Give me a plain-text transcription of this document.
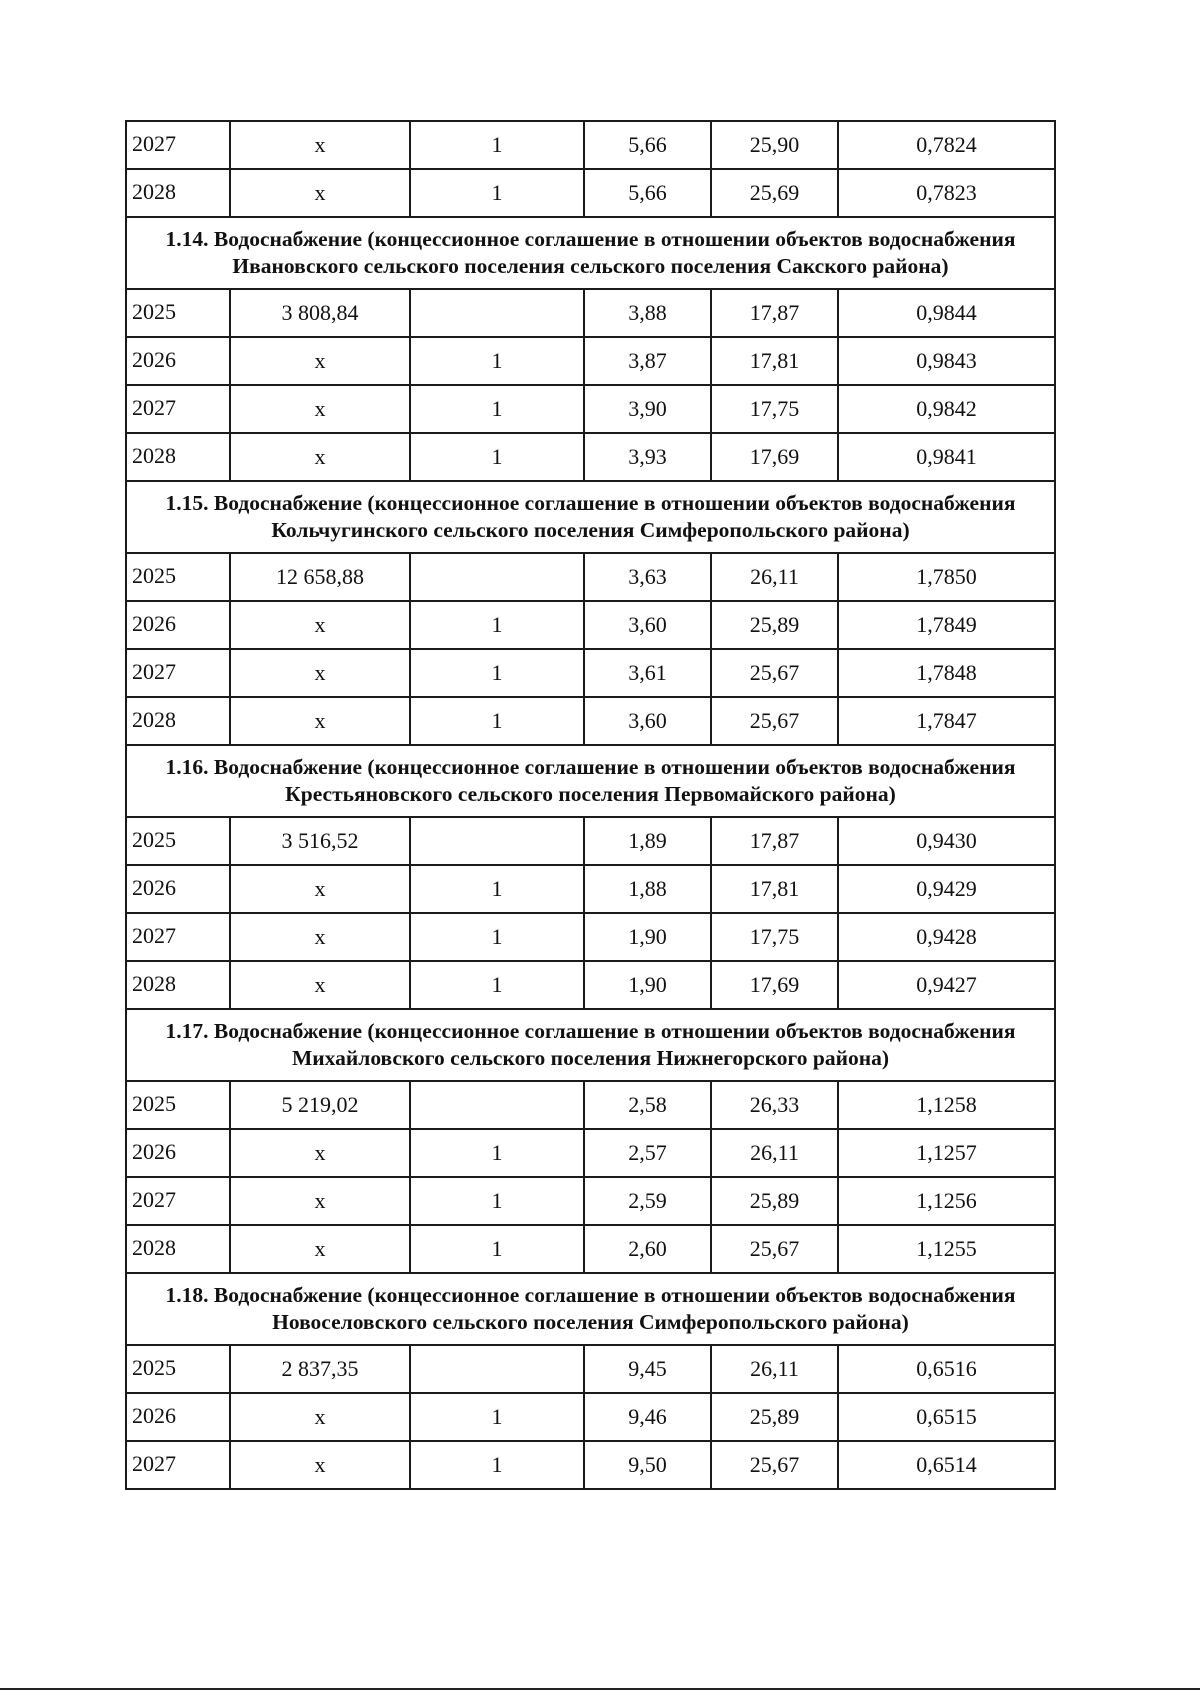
2027	х	1	5,66	25,90	0,7824
2028	х	1	5,66	25,69	0,7823
1.14. Водоснабжение (концессионное соглашение в отношении объектов водоснабжения Ивановского сельского поселения сельского поселения Сакского района)					
2025	3 808,84		3,88	17,87	0,9844
2026	х	1	3,87	17,81	0,9843
2027	х	1	3,90	17,75	0,9842
2028	х	1	3,93	17,69	0,9841
1.15. Водоснабжение (концессионное соглашение в отношении объектов водоснабжения Кольчугинского сельского поселения Симферопольского района)					
2025	12 658,88		3,63	26,11	1,7850
2026	х	1	3,60	25,89	1,7849
2027	х	1	3,61	25,67	1,7848
2028	х	1	3,60	25,67	1,7847
1.16. Водоснабжение (концессионное соглашение в отношении объектов водоснабжения Крестьяновского сельского поселения Первомайского района)					
2025	3 516,52		1,89	17,87	0,9430
2026	х	1	1,88	17,81	0,9429
2027	х	1	1,90	17,75	0,9428
2028	х	1	1,90	17,69	0,9427
1.17. Водоснабжение (концессионное соглашение в отношении объектов водоснабжения Михайловского сельского поселения Нижнегорского района)					
2025	5 219,02		2,58	26,33	1,1258
2026	х	1	2,57	26,11	1,1257
2027	х	1	2,59	25,89	1,1256
2028	х	1	2,60	25,67	1,1255
1.18. Водоснабжение (концессионное соглашение в отношении объектов водоснабжения Новоселовского сельского поселения Симферопольского района)					
2025	2 837,35		9,45	26,11	0,6516
2026	х	1	9,46	25,89	0,6515
2027	х	1	9,50	25,67	0,6514
